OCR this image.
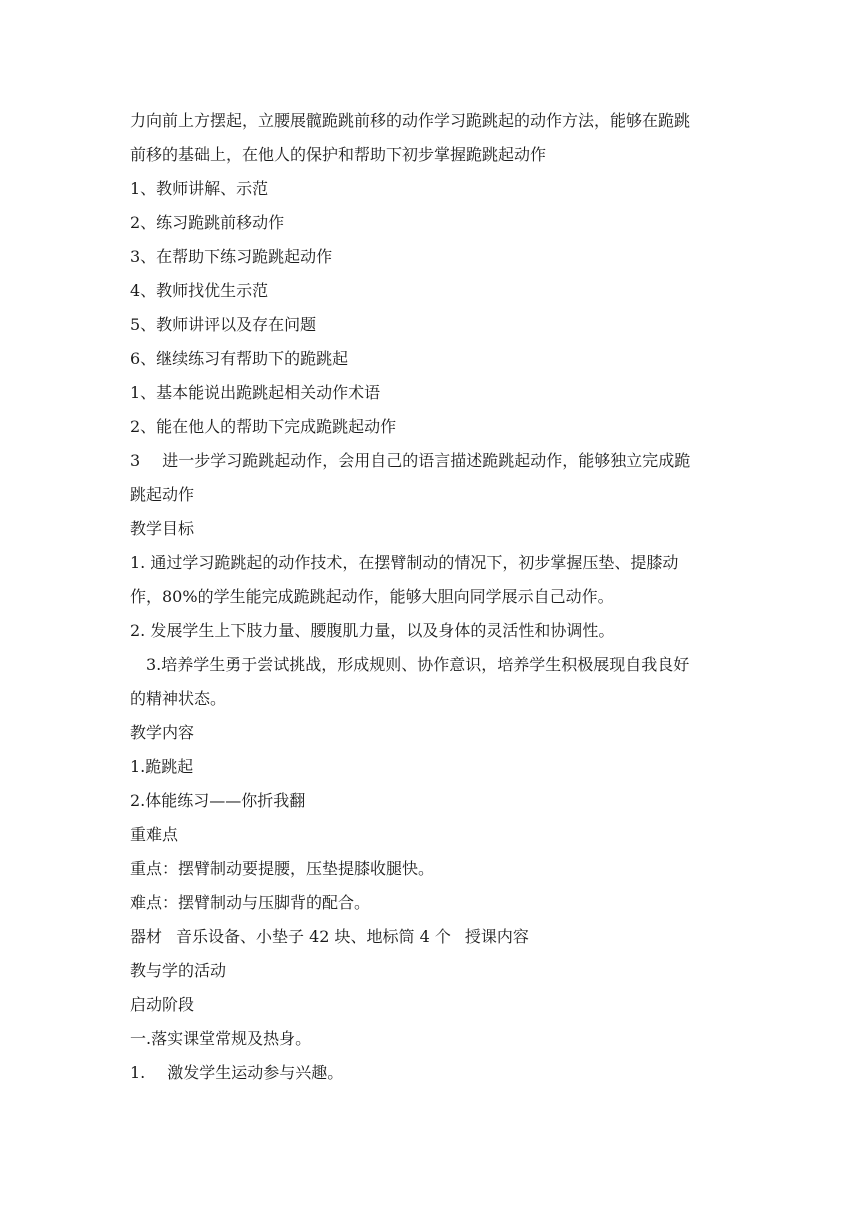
力向前上方摆起，立腰展髋跪跳前移的动作学习跪跳起的动作方法，能够在跪跳
前移的基础上，在他人的保护和帮助下初步掌握跪跳起动作
1、教师讲解、示范
2、练习跪跳前移动作
3、在帮助下练习跪跳起动作
4、教师找优生示范
5、教师讲评以及存在问题
6、继续练习有帮助下的跪跳起
1、基本能说出跪跳起相关动作术语
2、能在他人的帮助下完成跪跳起动作
3 进一步学习跪跳起动作，会用自己的语言描述跪跳起动作，能够独立完成跪
跳起动作
教学目标
1. 通过学习跪跳起的动作技术，在摆臂制动的情况下，初步掌握压垫、提膝动
作，80%的学生能完成跪跳起动作，能够大胆向同学展示自己动作。
2. 发展学生上下肢力量、腰腹肌力量，以及身体的灵活性和协调性。
3.培养学生勇于尝试挑战，形成规则、协作意识，培养学生积极展现自我良好
的精神状态。
教学内容
1.跪跳起
2.体能练习——你折我翻
重难点
重点：摆臂制动要提腰，压垫提膝收腿快。
难点：摆臂制动与压脚背的配合。
器材 音乐设备、小垫子 42 块、地标筒 4 个 授课内容
教与学的活动
启动阶段
一.落实课堂常规及热身。
1. 激发学生运动参与兴趣。
